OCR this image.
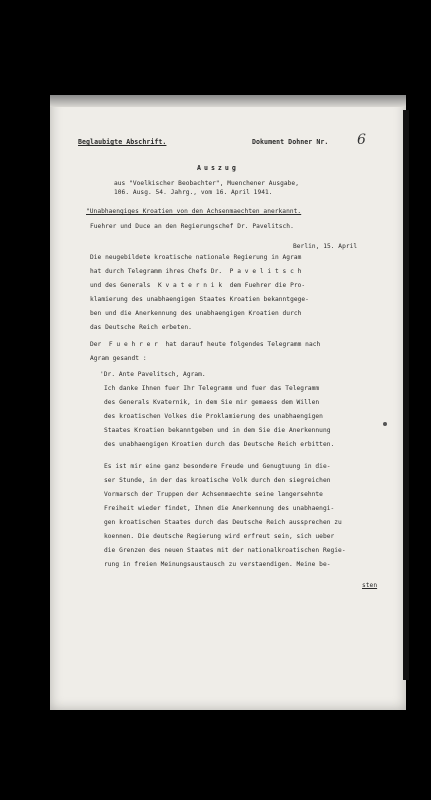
Beglaubigte Abschrift.	Dokument Dohner Nr. 6
Auszug
aus "Voelkischer Beobachter", Muenchener Ausgabe,
106. Ausg. 54. Jahrg., vom 16. April 1941.
"Unabhaengiges Kroatien von den Achsenmaechten anerkannt.
Fuehrer und Duce an den Regierungschef Dr. Pavelitsch.
Berlin, 15. April
Die neugebildete kroatische nationale Regierung in Agram
hat durch Telegramm ihres Chefs Dr.  P a v e l i t s c h
und des Generals  K v a t e r n i k  dem Fuehrer die Pro-
klamierung des unabhaengigen Staates Kroatien bekanntgege-
ben und die Anerkennung des unabhaengigen Kroatien durch
das Deutsche Reich erbeten.
Der  F u e h r e r  hat darauf heute folgendes Telegramm nach
Agram gesandt :
'Dr. Ante Pavelitsch, Agram.
Ich danke Ihnen fuer Ihr Telegramm und fuer das Telegramm
des Generals Kvaternik, in dem Sie mir gemaess dem Willen
des kroatischen Volkes die Proklamierung des unabhaengigen
Staates Kroatien bekanntgeben und in dem Sie die Anerkennung
des unabhaengigen Kroatien durch das Deutsche Reich erbitten.
Es ist mir eine ganz besondere Freude und Genugtuung in die-
ser Stunde, in der das kroatische Volk durch den siegreichen
Vormarsch der Truppen der Achsenmaechte seine langersehnte
Freiheit wieder findet, Ihnen die Anerkennung des unabhaengi-
gen kroatischen Staates durch das Deutsche Reich aussprechen zu
koennen. Die deutsche Regierung wird erfreut sein, sich ueber
die Grenzen des neuen Staates mit der nationalkroatischen Regie-
rung in freien Meinungsaustausch zu verstaendigen. Meine be-
sten
